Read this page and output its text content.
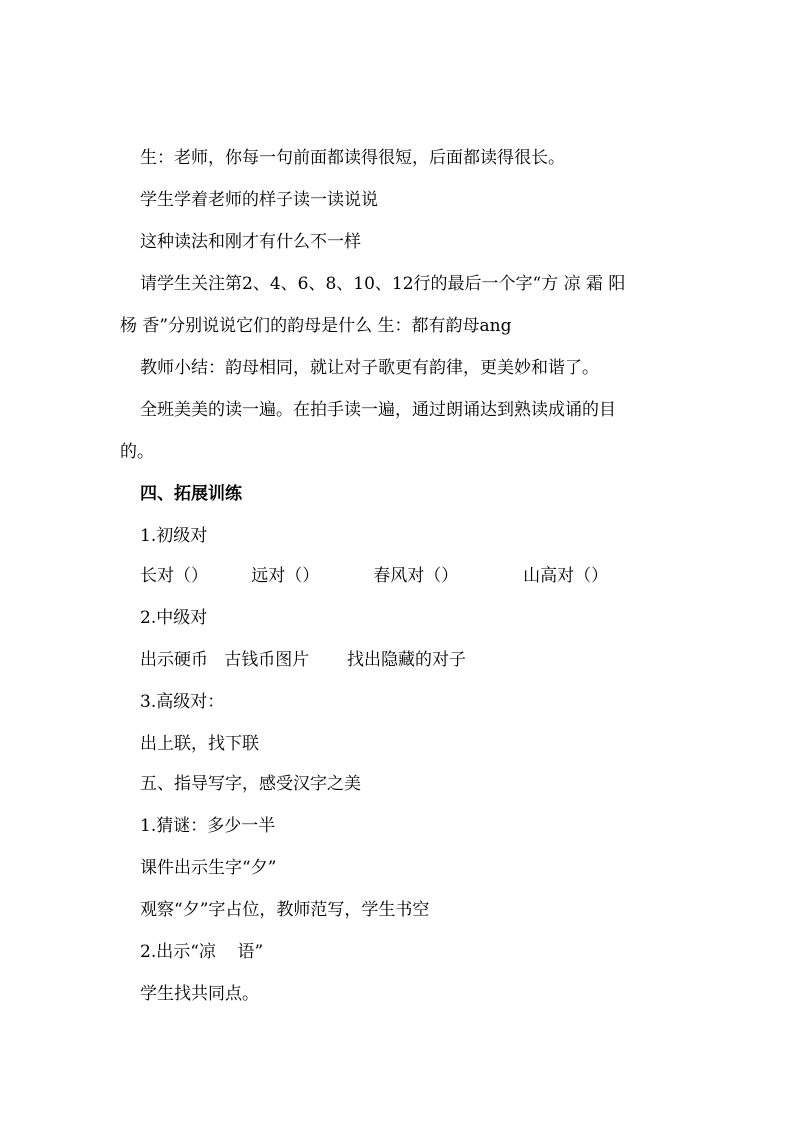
生：老师，你每一句前面都读得很短，后面都读得很长。
学生学着老师的样子读一读说说
这种读法和刚才有什么不一样
请学生关注第2、4、6、8、10、12行的最后一个字“方 凉 霜 阳
杨 香”分别说说它们的韵母是什么 生：都有韵母ang
教师小结：韵母相同，就让对子歌更有韵律，更美妙和谐了。
全班美美的读一遍。在拍手读一遍，通过朗诵达到熟读成诵的目
的。
四、拓展训练
1.初级对
长对（）        远对（）          春风对（）            山高对（）
2.中级对
出示硬币   古钱币图片       找出隐藏的对子
3.高级对：
出上联，找下联
五、指导写字，感受汉字之美
1.猜谜：多少一半
课件出示生字“夕”
观察“夕”字占位，教师范写，学生书空
2.出示“凉    语”
学生找共同点。
